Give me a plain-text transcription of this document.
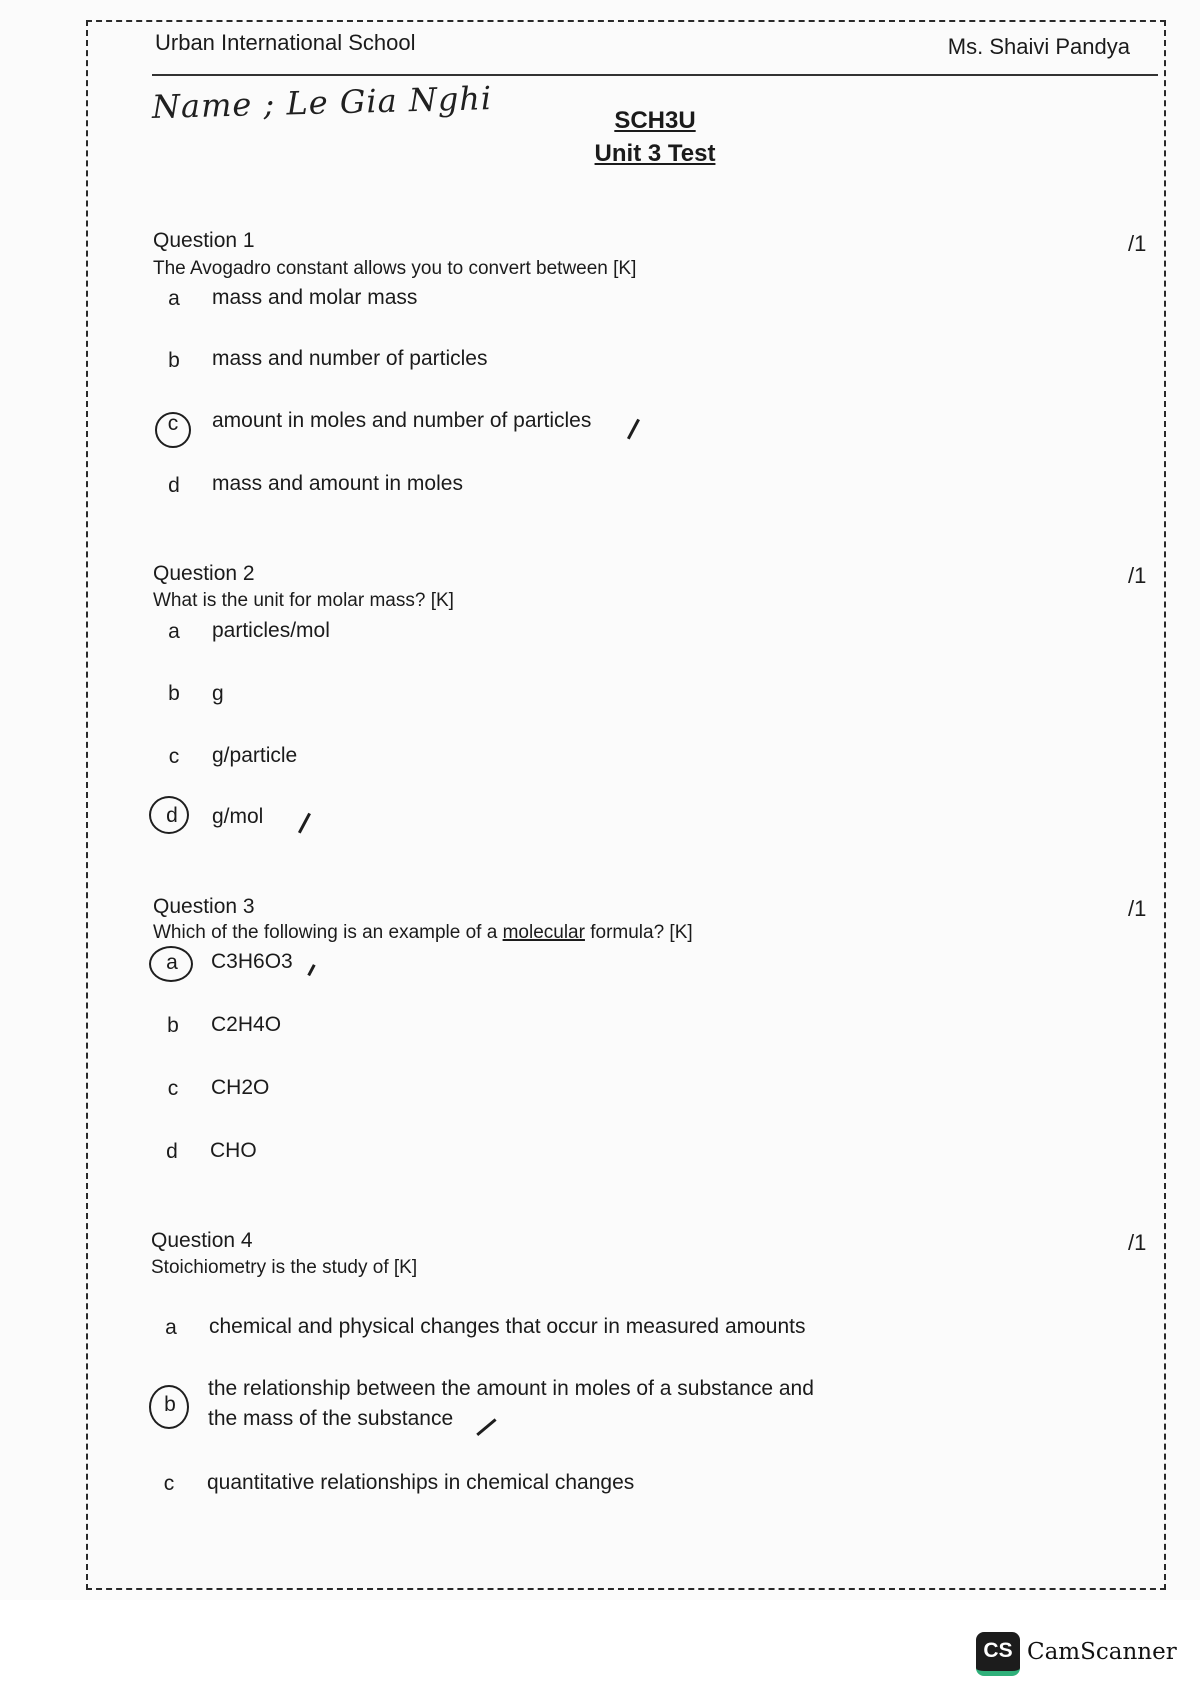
Urban International School	Ms. Shaivi Pandya
Name ; Le Gia Nghi	SCH3U
Unit 3 Test
Question 1	/1
The Avogadro constant allows you to convert between [K]
a	mass and molar mass
b	mass and number of particles
c	amount in moles and number of particles
d	mass and amount in moles
Question 2	/1
What is the unit for molar mass? [K]
a	particles/mol
b	g
c	g/particle
d	g/mol
Question 3	/1
Which of the following is an example of a molecular formula? [K]
a	C3H6O3
b	C2H4O
c	CH2O
d	CHO
Question 4	/1
Stoichiometry is the study of [K]
a	chemical and physical changes that occur in measured amounts
b
the relationship between the amount in moles of a substance and
the mass of the substance
c	quantitative relationships in chemical changes
CS CamScanner
